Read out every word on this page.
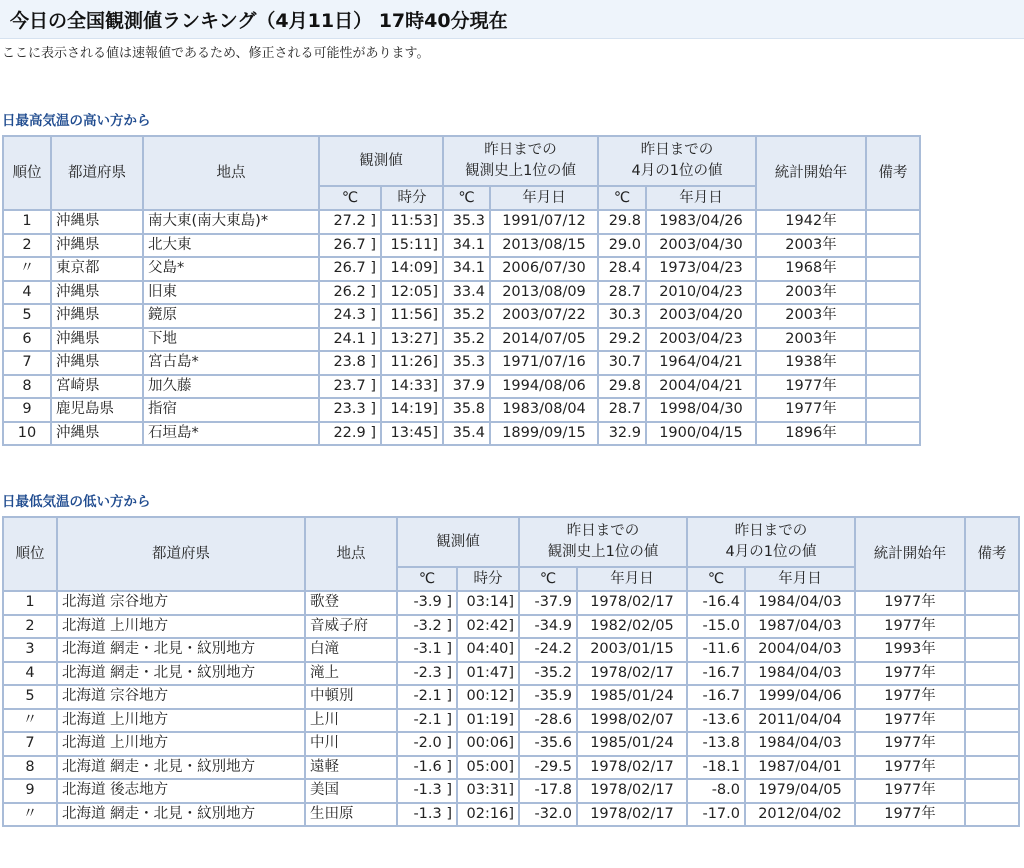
今日の全国観測値ランキング（4月11日） 17時40分現在
ここに表示される値は速報値であるため、修正される可能性があります。
日最高気温の高い方から
順位	都道府県	地点	観測値		昨日までの
観測史上1位の値		昨日までの
4月の1位の値		統計開始年	備考
			℃	時分	℃	年月日	℃	年月日		
1	沖縄県	南大東(南大東島)*	27.2 ]	11:53]	35.3	1991/07/12	29.8	1983/04/26	1942年	
2	沖縄県	北大東	26.7 ]	15:11]	34.1	2013/08/15	29.0	2003/04/30	2003年	
〃	東京都	父島*	26.7 ]	14:09]	34.1	2006/07/30	28.4	1973/04/23	1968年	
4	沖縄県	旧東	26.2 ]	12:05]	33.4	2013/08/09	28.7	2010/04/23	2003年	
5	沖縄県	鏡原	24.3 ]	11:56]	35.2	2003/07/22	30.3	2003/04/20	2003年	
6	沖縄県	下地	24.1 ]	13:27]	35.2	2014/07/05	29.2	2003/04/23	2003年	
7	沖縄県	宮古島*	23.8 ]	11:26]	35.3	1971/07/16	30.7	1964/04/21	1938年	
8	宮崎県	加久藤	23.7 ]	14:33]	37.9	1994/08/06	29.8	2004/04/21	1977年	
9	鹿児島県	指宿	23.3 ]	14:19]	35.8	1983/08/04	28.7	1998/04/30	1977年	
10	沖縄県	石垣島*	22.9 ]	13:45]	35.4	1899/09/15	32.9	1900/04/15	1896年	
日最低気温の低い方から
順位	都道府県	地点	観測値		昨日までの
観測史上1位の値		昨日までの
4月の1位の値		統計開始年	備考
			℃	時分	℃	年月日	℃	年月日		
1	北海道 宗谷地方	歌登	-3.9 ]	03:14]	-37.9	1978/02/17	-16.4	1984/04/03	1977年	
2	北海道 上川地方	音威子府	-3.2 ]	02:42]	-34.9	1982/02/05	-15.0	1987/04/03	1977年	
3	北海道 網走・北見・紋別地方	白滝	-3.1 ]	04:40]	-24.2	2003/01/15	-11.6	2004/04/03	1993年	
4	北海道 網走・北見・紋別地方	滝上	-2.3 ]	01:47]	-35.2	1978/02/17	-16.7	1984/04/03	1977年	
5	北海道 宗谷地方	中頓別	-2.1 ]	00:12]	-35.9	1985/01/24	-16.7	1999/04/06	1977年	
〃	北海道 上川地方	上川	-2.1 ]	01:19]	-28.6	1998/02/07	-13.6	2011/04/04	1977年	
7	北海道 上川地方	中川	-2.0 ]	00:06]	-35.6	1985/01/24	-13.8	1984/04/03	1977年	
8	北海道 網走・北見・紋別地方	遠軽	-1.6 ]	05:00]	-29.5	1978/02/17	-18.1	1987/04/01	1977年	
9	北海道 後志地方	美国	-1.3 ]	03:31]	-17.8	1978/02/17	-8.0	1979/04/05	1977年	
〃	北海道 網走・北見・紋別地方	生田原	-1.3 ]	02:16]	-32.0	1978/02/17	-17.0	2012/04/02	1977年	
